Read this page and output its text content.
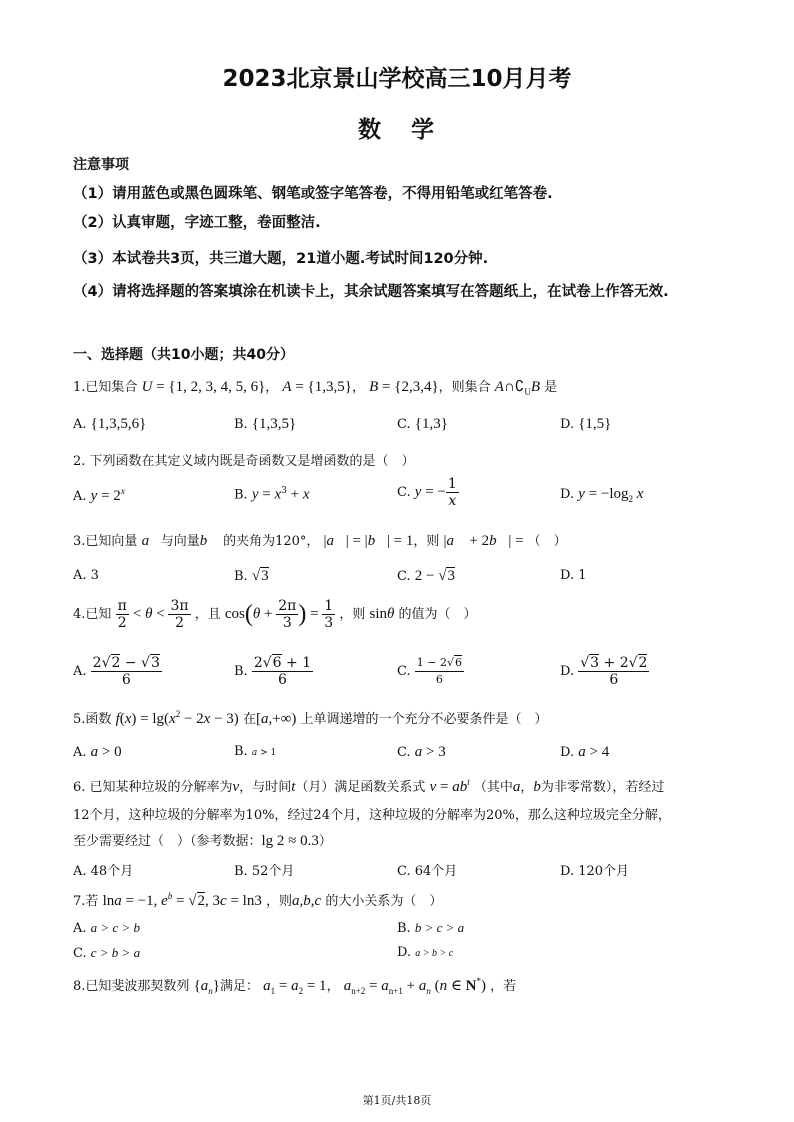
2023北京景山学校高三10月月考
数学
注意事项
（1）请用蓝色或黑色圆珠笔、钢笔或签字笔答卷，不得用铅笔或红笔答卷.
（2）认真审题，字迹工整，卷面整洁.
（3）本试卷共3页，共三道大题，21道小题.考试时间120分钟.
（4）请将选择题的答案填涂在机读卡上，其余试题答案填写在答题纸上，在试卷上作答无效.
一、选择题（共10小题；共40分）
1.已知集合 U = {1, 2, 3, 4, 5, 6}， A = {1,3,5}， B = {2,3,4}，则集合 $A\cap∁_UB$ 是
A. {1,3,5,6}	B. {1,3,5}	C. {1,3}	D. {1,5}
2. 下列函数在其定义域内既是奇函数又是增函数的是（　）
A. $y = 2^x$	B. $y = x^3 + x$	C. y = − $\frac{1}{x}$	D. $y = -\log_2$ x
3.已知向量 a⃗与向量b⃗ 的夹角为120°， |a⃗| = |b⃗| = 1，则 |a⃗ + 2b⃗| = （　）
A. 3	B. √3	C. 2 − √3	D. 1
4.已知 $\frac{\pi}{2} < \theta < \frac{3\pi}{2}$ ，且 $\cos(\theta + \frac{2\pi}{3}$ ) = $\frac{1}{3}$ ，则 sinθ 的值为（　）
A. $\frac{2√2 - √3}{6}$	B. $\frac{2√6 + 1}{6}$	C. $\frac{1 - 2√6}{6}$	D. $\frac{√3 + 2√2}{6}$
5.函数 $f(x) = \lg(x^2 - 2x - 3)$ 在[a,+∞) 上单调递增的一个充分不必要条件是（　）
A. a > 0	B. a > 1	C. a > 3	D. a > 4
6. 已知某种垃圾的分解率为v，与时间t（月）满足函数关系式 $v = ab^t$ （其中a，b为非零常数），若经过
12个月，这种垃圾的分解率为10%，经过24个月，这种垃圾的分解率为20%，那么这种垃圾完全分解，
至少需要经过（　）（参考数据：lg 2 ≈ 0.3）
A. 48个月	B. 52个月	C. 64个月	D. 120个月
7.若 lna = −1, $e^b = √2$, 3c = ln3 ，则a,b,c 的大小关系为（　）
A. a > c > b	B. b > c > a
C. c > b > a	D. a > b > c
8.已知斐波那契数列 $\{a_n\}$满足： $a_1 = a_2 = 1$， $a_{n+2} = a_{n+1} + a_n$ (n ∈ N*) ，若
第1页/共18页
